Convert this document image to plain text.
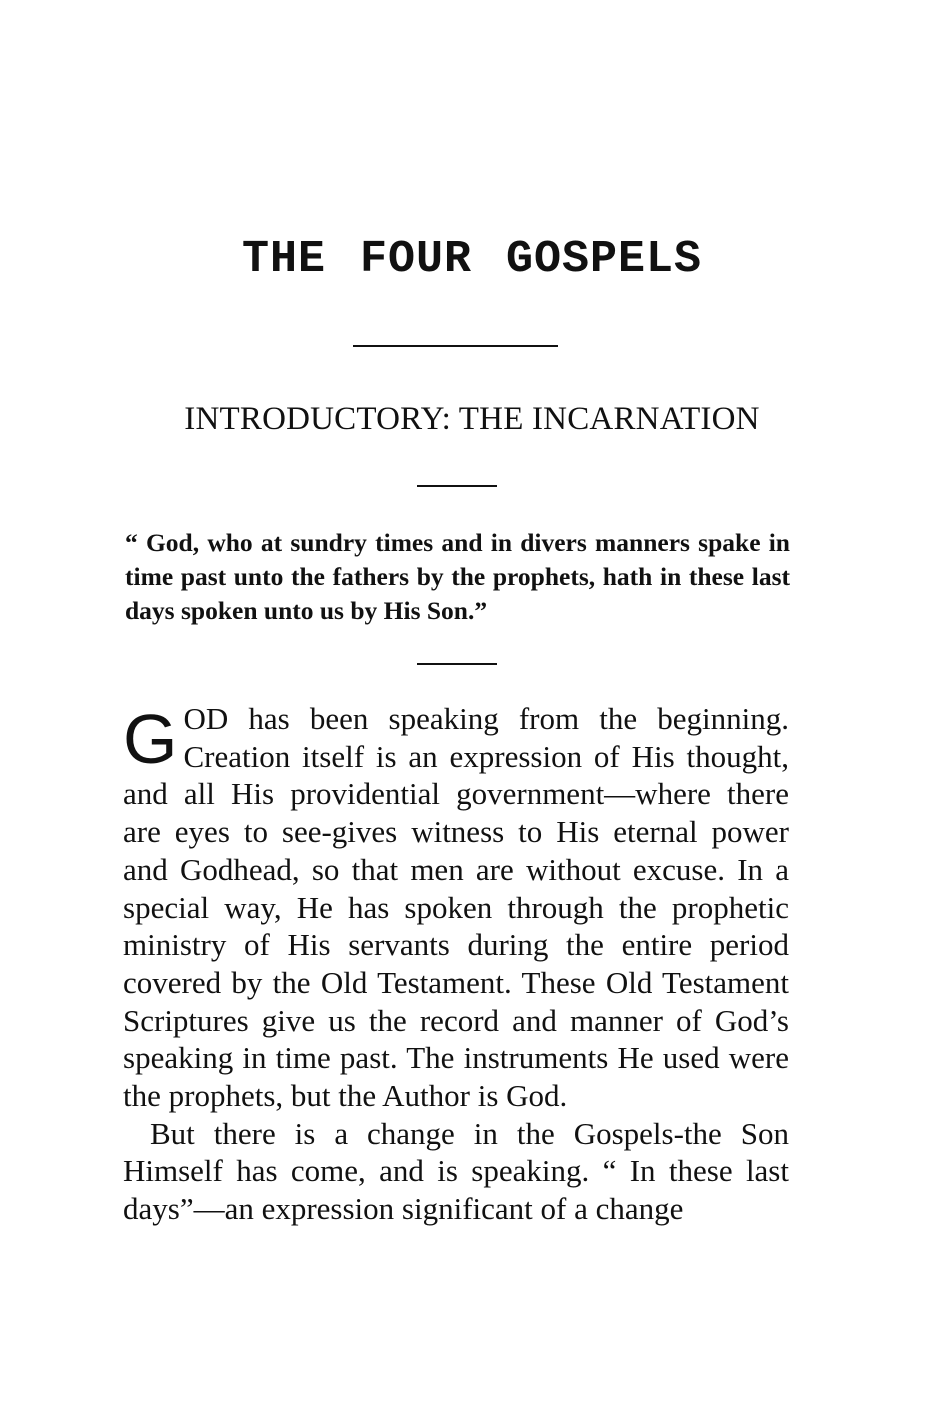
THE FOUR GOSPELS
INTRODUCTORY: THE INCARNATION
“ God, who at sundry times and in divers manners spake in time past unto the fathers by the prophets, hath in these last days spoken unto us by His Son.”

GOD has been speaking from the beginning. Creation itself is an expression of His thought, and all His providential government—where there are eyes to see-gives witness to His eternal power and Godhead, so that men are without excuse. In a special way, He has spoken through the prophetic ministry of His servants during the entire period covered by the Old Testament. These Old Testament Scriptures give us the record and manner of God’s speaking in time past. The instruments He used were the prophets, but the Author is God.

But there is a change in the Gospels-the Son Himself has come, and is speaking. “ In these last days”—an expression significant of a change
